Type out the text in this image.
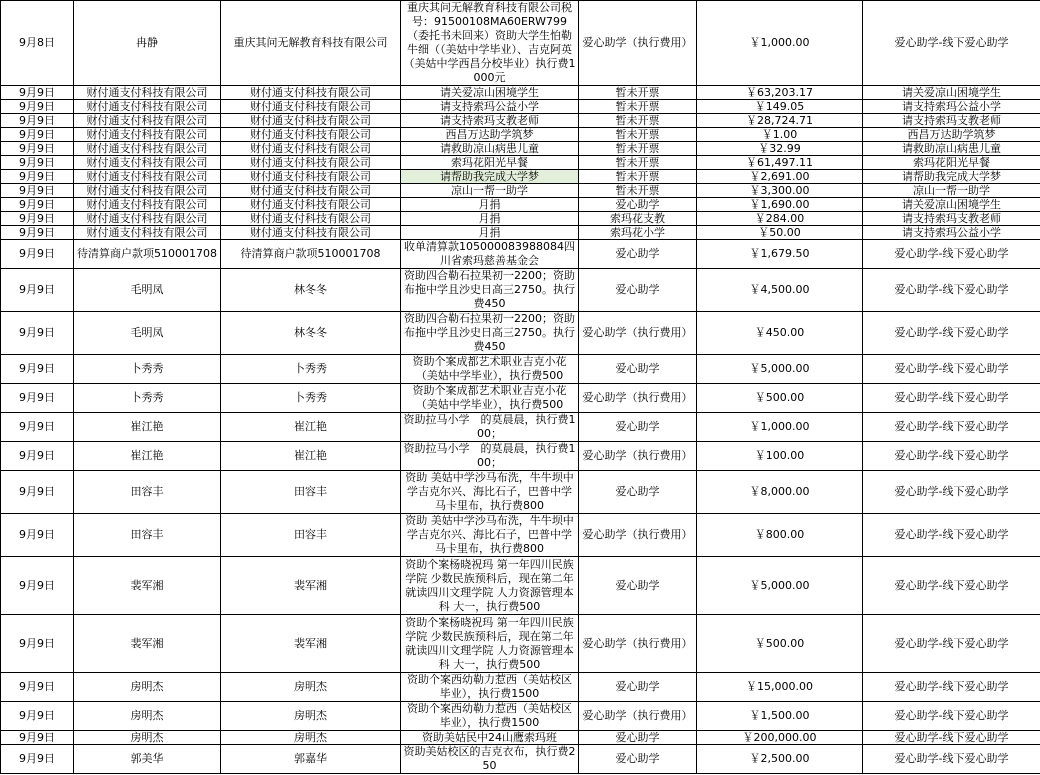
9月8日	冉静	重庆其问无解教育科技有限公司	重庆其问无解教育科技有限公司税号：91500108MA60ERW799（委托书未回来）资助大学生怕勒牛细（（美姑中学毕业）、吉克阿英（美姑中学西昌分校毕业）执行费1000元	爱心助学（执行费用）	￥1,000.00	爱心助学-线下爱心助学
9月9日	财付通支付科技有限公司	财付通支付科技有限公司	请关爱凉山困境学生	暂未开票	￥63,203.17	请关爱凉山困境学生
9月9日	财付通支付科技有限公司	财付通支付科技有限公司	请支持索玛公益小学	暂未开票	￥149.05	请支持索玛公益小学
9月9日	财付通支付科技有限公司	财付通支付科技有限公司	请支持索玛支教老师	暂未开票	￥28,724.71	请支持索玛支教老师
9月9日	财付通支付科技有限公司	财付通支付科技有限公司	西昌万达助学筑梦	暂未开票	￥1.00	西昌万达助学筑梦
9月9日	财付通支付科技有限公司	财付通支付科技有限公司	请救助凉山病患儿童	暂未开票	￥32.99	请救助凉山病患儿童
9月9日	财付通支付科技有限公司	财付通支付科技有限公司	索玛花阳光早餐	暂未开票	￥61,497.11	索玛花阳光早餐
9月9日	财付通支付科技有限公司	财付通支付科技有限公司	请帮助我完成大学梦	暂未开票	￥2,691.00	请帮助我完成大学梦
9月9日	财付通支付科技有限公司	财付通支付科技有限公司	凉山一帮一助学	暂未开票	￥3,300.00	凉山一帮一助学
9月9日	财付通支付科技有限公司	财付通支付科技有限公司	月捐	爱心助学	￥1,690.00	请关爱凉山困境学生
9月9日	财付通支付科技有限公司	财付通支付科技有限公司	月捐	索玛花支教	￥284.00	请支持索玛支教老师
9月9日	财付通支付科技有限公司	财付通支付科技有限公司	月捐	索玛花小学	￥50.00	请支持索玛公益小学
9月9日	待清算商户款项510001708	待清算商户款项510001708	收单清算款105000083988084四川省索玛慈善基金会	爱心助学	￥1,679.50	爱心助学-线下爱心助学
9月9日	毛明凤	林冬冬	资助四合勒石拉果初一2200；资助布拖中学且沙史日高三2750。执行费450	爱心助学	￥4,500.00	爱心助学-线下爱心助学
9月9日	毛明凤	林冬冬	资助四合勒石拉果初一2200；资助布拖中学且沙史日高三2750。执行费450	爱心助学（执行费用）	￥450.00	爱心助学-线下爱心助学
9月9日	卜秀秀	卜秀秀	资助个案成都艺术职业吉克小花（美姑中学毕业），执行费500	爱心助学	￥5,000.00	爱心助学-线下爱心助学
9月9日	卜秀秀	卜秀秀	资助个案成都艺术职业吉克小花（美姑中学毕业），执行费500	爱心助学（执行费用）	￥500.00	爱心助学-线下爱心助学
9月9日	崔江艳	崔江艳	资助拉马小学　的莫晨晨，执行费100；	爱心助学	￥1,000.00	爱心助学-线下爱心助学
9月9日	崔江艳	崔江艳	资助拉马小学　的莫晨晨，执行费100；	爱心助学（执行费用）	￥100.00	爱心助学-线下爱心助学
9月9日	田容丰	田容丰	资助 美姑中学沙马布洗，牛牛坝中学吉克尔兴、海比石子，巴普中学马卡里布，执行费800	爱心助学	￥8,000.00	爱心助学-线下爱心助学
9月9日	田容丰	田容丰	资助 美姑中学沙马布洗，牛牛坝中学吉克尔兴、海比石子，巴普中学马卡里布，执行费800	爱心助学（执行费用）	￥800.00	爱心助学-线下爱心助学
9月9日	裴军湘	裴军湘	资助个案杨晓祝玛 第一年四川民族学院 少数民族预科后，现在第二年就读四川文理学院 人力资源管理本科 大一，执行费500	爱心助学	￥5,000.00	爱心助学-线下爱心助学
9月9日	裴军湘	裴军湘	资助个案杨晓祝玛 第一年四川民族学院 少数民族预科后，现在第二年就读四川文理学院 人力资源管理本科 大一，执行费500	爱心助学（执行费用）	￥500.00	爱心助学-线下爱心助学
9月9日	房明杰	房明杰	资助个案西幼勒力惹西（美姑校区毕业），执行费1500	爱心助学	￥15,000.00	爱心助学-线下爱心助学
9月9日	房明杰	房明杰	资助个案西幼勒力惹西（美姑校区毕业），执行费1500	爱心助学（执行费用）	￥1,500.00	爱心助学-线下爱心助学
9月9日	房明杰	房明杰	资助美姑民中24山鹰索玛班	爱心助学	￥200,000.00	爱心助学-线下爱心助学
9月9日	郭美华	郭嘉华	资助美姑校区的吉克衣布，执行费250	爱心助学	￥2,500.00	爱心助学-线下爱心助学
